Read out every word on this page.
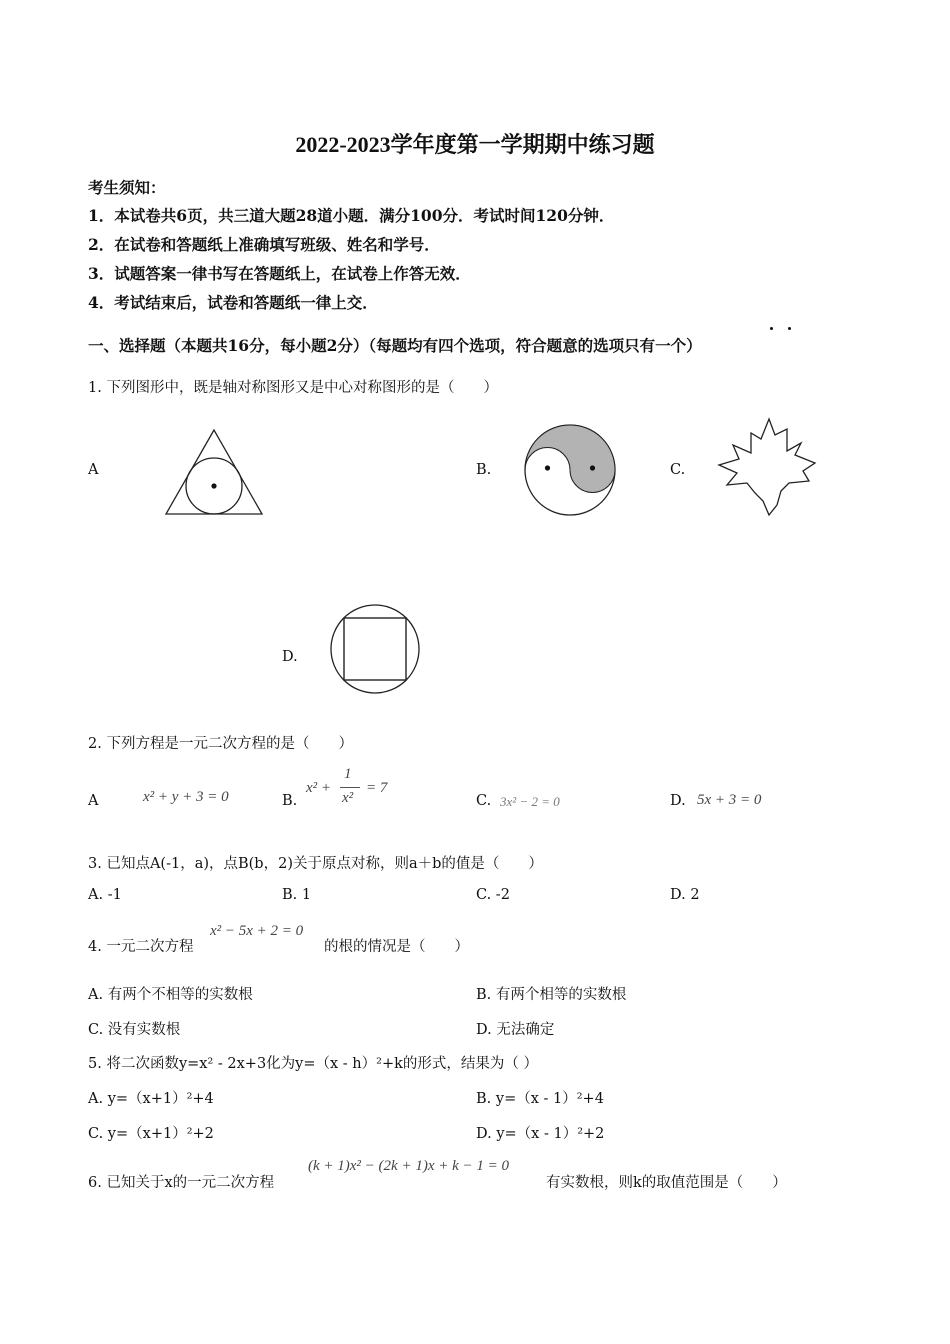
2022-2023学年度第一学期期中练习题
考生须知：
1．本试卷共6页，共三道大题28道小题．满分100分．考试时间120分钟．
2．在试卷和答题纸上准确填写班级、姓名和学号．
3．试题答案一律书写在答题纸上，在试卷上作答无效．
4．考试结束后，试卷和答题纸一律上交．
一、选择题（本题共16分，每小题2分）（每题均有四个选项，符合题意的选项只有一个）
1. 下列图形中，既是轴对称图形又是中心对称图形的是（　　）
A	B.	C.
D.
2. 下列方程是一元二次方程的是（　　）
A	x² + y + 3 = 0	B.
x² +
1
x²
= 7
C. 3x² − 2 = 0	D. 5x + 3 = 0
3. 已知点A(-1，a)，点B(b，2)关于原点对称，则a＋b的值是（　　）
A. -1	B. 1	C. -2	D. 2
4. 一元二次方程
x² − 5x + 2 = 0
的根的情况是（　　）
A. 有两个不相等的实数根	B. 有两个相等的实数根
C. 没有实数根	D. 无法确定
5. 将二次函数y=x² - 2x+3化为y=（x - h）²+k的形式，结果为（ ）
A. y=（x+1）²+4	B. y=（x - 1）²+4
C. y=（x+1）²+2	D. y=（x - 1）²+2
6. 已知关于x的一元二次方程
(k + 1)x² − (2k + 1)x + k − 1 = 0
有实数根，则k的取值范围是（　　）
